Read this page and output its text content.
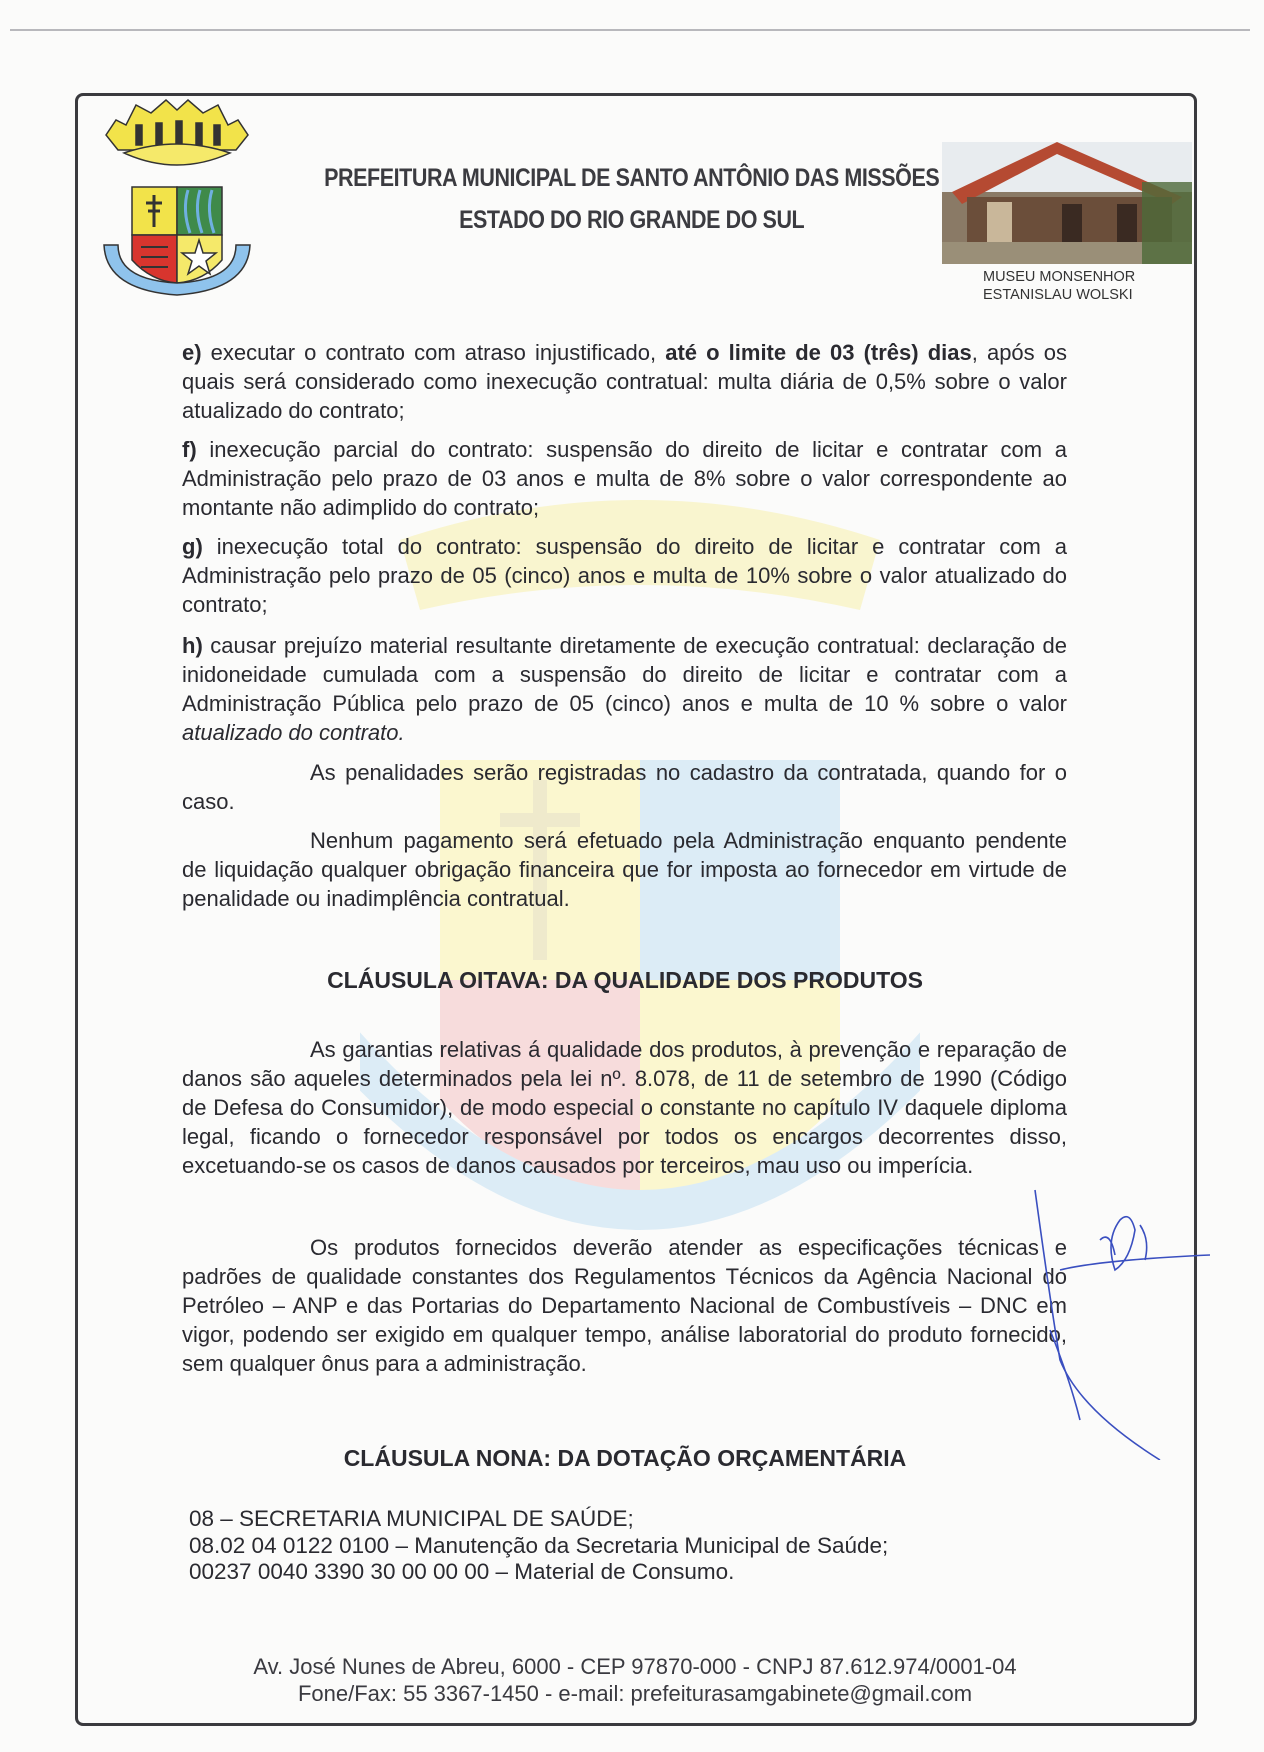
PREFEITURA MUNICIPAL DE SANTO ANTÔNIO DAS MISSÕES
ESTADO DO RIO GRANDE DO SUL
MUSEU MONSENHOR
ESTANISLAU WOLSKI
e) executar o contrato com atraso injustificado, até o limite de 03 (três) dias, após os quais será considerado como inexecução contratual: multa diária de 0,5% sobre o valor atualizado do contrato;
f) inexecução parcial do contrato: suspensão do direito de licitar e contratar com a Administração pelo prazo de 03 anos e multa de 8% sobre o valor correspondente ao montante não adimplido do contrato;
g) inexecução total do contrato: suspensão do direito de licitar e contratar com a Administração pelo prazo de 05 (cinco) anos e multa de 10% sobre o valor atualizado do contrato;
h) causar prejuízo material resultante diretamente de execução contratual: declaração de inidoneidade cumulada com a suspensão do direito de licitar e contratar com a Administração Pública pelo prazo de 05 (cinco) anos e multa de 10 % sobre o valor atualizado do contrato.
As penalidades serão registradas no cadastro da contratada, quando for o caso.
Nenhum pagamento será efetuado pela Administração enquanto pendente de liquidação qualquer obrigação financeira que for imposta ao fornecedor em virtude de penalidade ou inadimplência contratual.
CLÁUSULA OITAVA: DA QUALIDADE DOS PRODUTOS
As garantias relativas á qualidade dos produtos, à prevenção e reparação de danos são aqueles determinados pela lei nº. 8.078, de 11 de setembro de 1990 (Código de Defesa do Consumidor), de modo especial o constante no capítulo IV daquele diploma legal, ficando o fornecedor responsável por todos os encargos decorrentes disso, excetuando-se os casos de danos causados por terceiros, mau uso ou imperícia.
Os produtos fornecidos deverão atender as especificações técnicas e padrões de qualidade constantes dos Regulamentos Técnicos da Agência Nacional do Petróleo – ANP e das Portarias do Departamento Nacional de Combustíveis – DNC em vigor, podendo ser exigido em qualquer tempo, análise laboratorial do produto fornecido, sem qualquer ônus para a administração.
CLÁUSULA NONA: DA DOTAÇÃO ORÇAMENTÁRIA
08 – SECRETARIA MUNICIPAL DE SAÚDE;
08.02 04 0122 0100 – Manutenção da Secretaria Municipal de Saúde;
00237 0040 3390 30 00 00 00 – Material de Consumo.
Av. José Nunes de Abreu, 6000 - CEP 97870-000 - CNPJ 87.612.974/0001-04
Fone/Fax: 55 3367-1450 - e-mail: prefeiturasamgabinete@gmail.com
